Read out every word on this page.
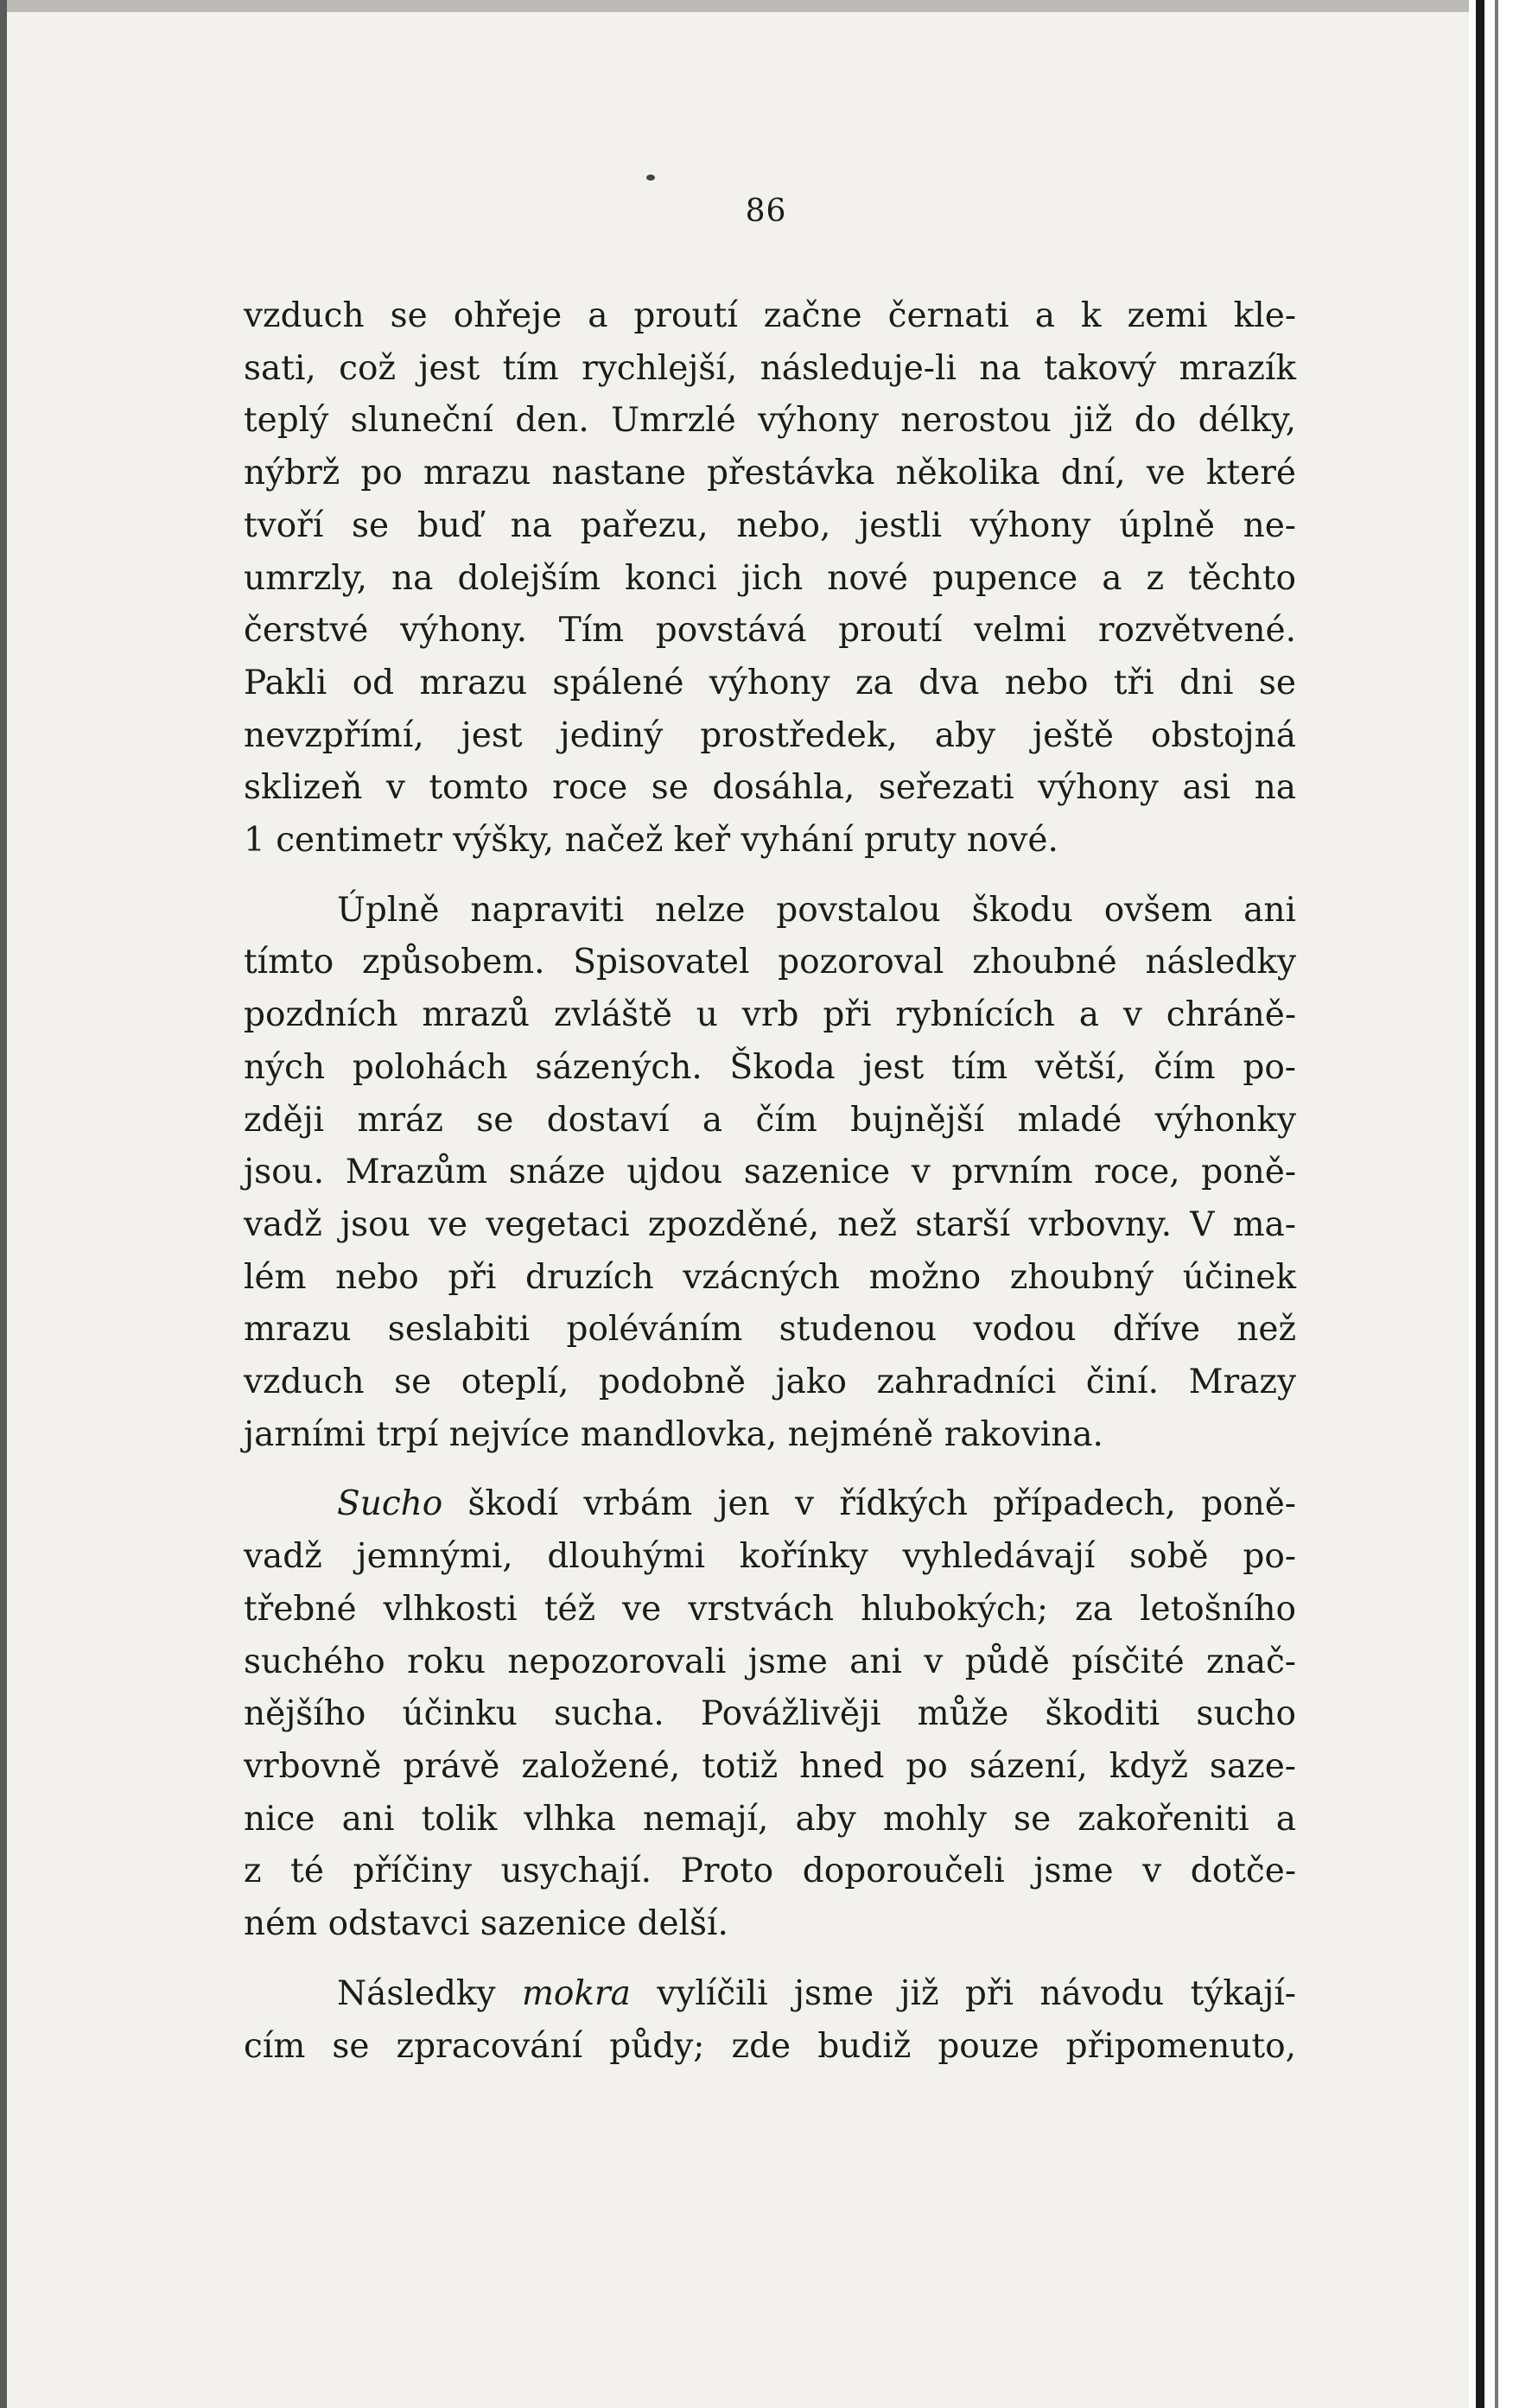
86

vzduch se ohřeje a proutí začne černati a k zemi kle-
sati, což jest tím rychlejší, následuje-li na takový mrazík
teplý sluneční den. Umrzlé výhony nerostou již do délky,
nýbrž po mrazu nastane přestávka několika dní, ve které
tvoří se buď na pařezu, nebo, jestli výhony úplně ne-
umrzly, na dolejším konci jich nové pupence a z těchto
čerstvé výhony. Tím povstává proutí velmi rozvětvené.
Pakli od mrazu spálené výhony za dva nebo tři dni se
nevzpřímí, jest jediný prostředek, aby ještě obstojná
sklizeň v tomto roce se dosáhla, seřezati výhony asi na
1 centimetr výšky, načež keř vyhání pruty nové.

Úplně napraviti nelze povstalou škodu ovšem ani
tímto způsobem. Spisovatel pozoroval zhoubné následky
pozdních mrazů zvláště u vrb při rybnících a v chráně-
ných polohách sázených. Škoda jest tím větší, čím po-
zději mráz se dostaví a čím bujnější mladé výhonky
jsou. Mrazům snáze ujdou sazenice v prvním roce, poně-
vadž jsou ve vegetaci zpozděné, než starší vrbovny. V ma-
lém nebo při druzích vzácných možno zhoubný účinek
mrazu seslabiti poléváním studenou vodou dříve než
vzduch se oteplí, podobně jako zahradníci činí. Mrazy
jarními trpí nejvíce mandlovka, nejméně rakovina.

Sucho škodí vrbám jen v řídkých případech, poně-
vadž jemnými, dlouhými kořínky vyhledávají sobě po-
třebné vlhkosti též ve vrstvách hlubokých; za letošního
suchého roku nepozorovali jsme ani v půdě písčité znač-
nějšího účinku sucha. Povážlivěji může škoditi sucho
vrbovně právě založené, totiž hned po sázení, když saze-
nice ani tolik vlhka nemají, aby mohly se zakořeniti a
z té příčiny usychají. Proto doporoučeli jsme v dotče-
ném odstavci sazenice delší.

Následky mokra vylíčili jsme již při návodu týkají-
cím se zpracování půdy; zde budiž pouze připomenuto,
